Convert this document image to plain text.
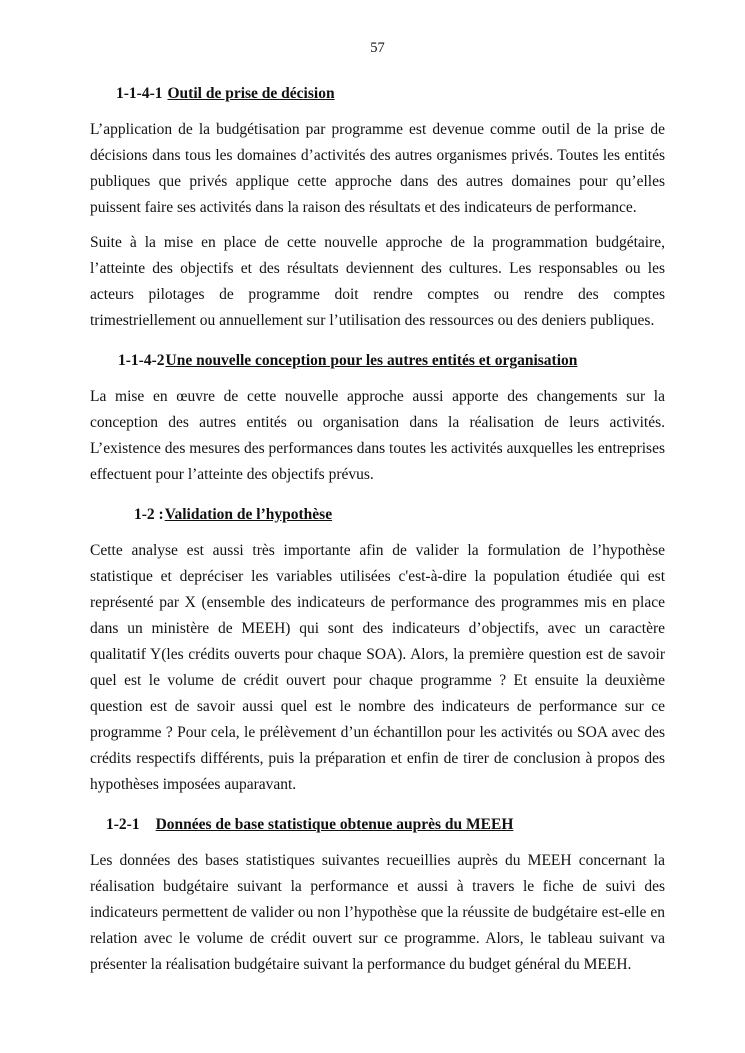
57
1-1-4-1 Outil de prise de décision

L’application de la budgétisation par programme est devenue comme outil de la prise de décisions dans tous les domaines d’activités des autres organismes privés. Toutes les entités publiques que privés applique cette approche dans des autres domaines pour qu’elles puissent faire ses activités dans la raison des résultats et des indicateurs de performance.

Suite à la mise en place de cette nouvelle approche de la programmation budgétaire, l’atteinte des objectifs et des résultats deviennent des cultures. Les responsables ou les acteurs pilotages de programme doit rendre comptes ou rendre des comptes trimestriellement ou annuellement sur l’utilisation des ressources ou des deniers publiques.

1-1-4-2Une nouvelle conception pour les autres entités et organisation

La mise en œuvre de cette nouvelle approche aussi apporte des changements sur la conception des autres entités ou organisation dans la réalisation de leurs activités. L’existence des mesures des performances dans toutes les activités auxquelles les entreprises effectuent pour l’atteinte des objectifs prévus.

1-2 :Validation de l’hypothèse

Cette analyse est aussi très importante afin de valider la formulation de l’hypothèse statistique et depréciser les variables utilisées c'est-à-dire la population étudiée qui est représenté par X (ensemble des indicateurs de performance des programmes mis en place dans un ministère de MEEH) qui sont des indicateurs d’objectifs, avec un caractère qualitatif Y(les crédits ouverts pour chaque SOA). Alors, la première question est de savoir quel est le volume de crédit ouvert pour chaque programme ? Et ensuite la deuxième question est de savoir aussi quel est le nombre des indicateurs de performance sur ce programme ? Pour cela, le prélèvement d’un échantillon pour les activités ou SOA avec des crédits respectifs différents, puis la préparation et enfin de tirer de conclusion à propos des hypothèses imposées auparavant.

1-2-1 Données de base statistique obtenue auprès du MEEH

Les données des bases statistiques suivantes recueillies auprès du MEEH concernant la réalisation budgétaire suivant la performance et aussi à travers le fiche de suivi des indicateurs permettent de valider ou non l’hypothèse que la réussite de budgétaire est-elle en relation avec le volume de crédit ouvert sur ce programme. Alors, le tableau suivant va présenter la réalisation budgétaire suivant la performance du budget général du MEEH.
